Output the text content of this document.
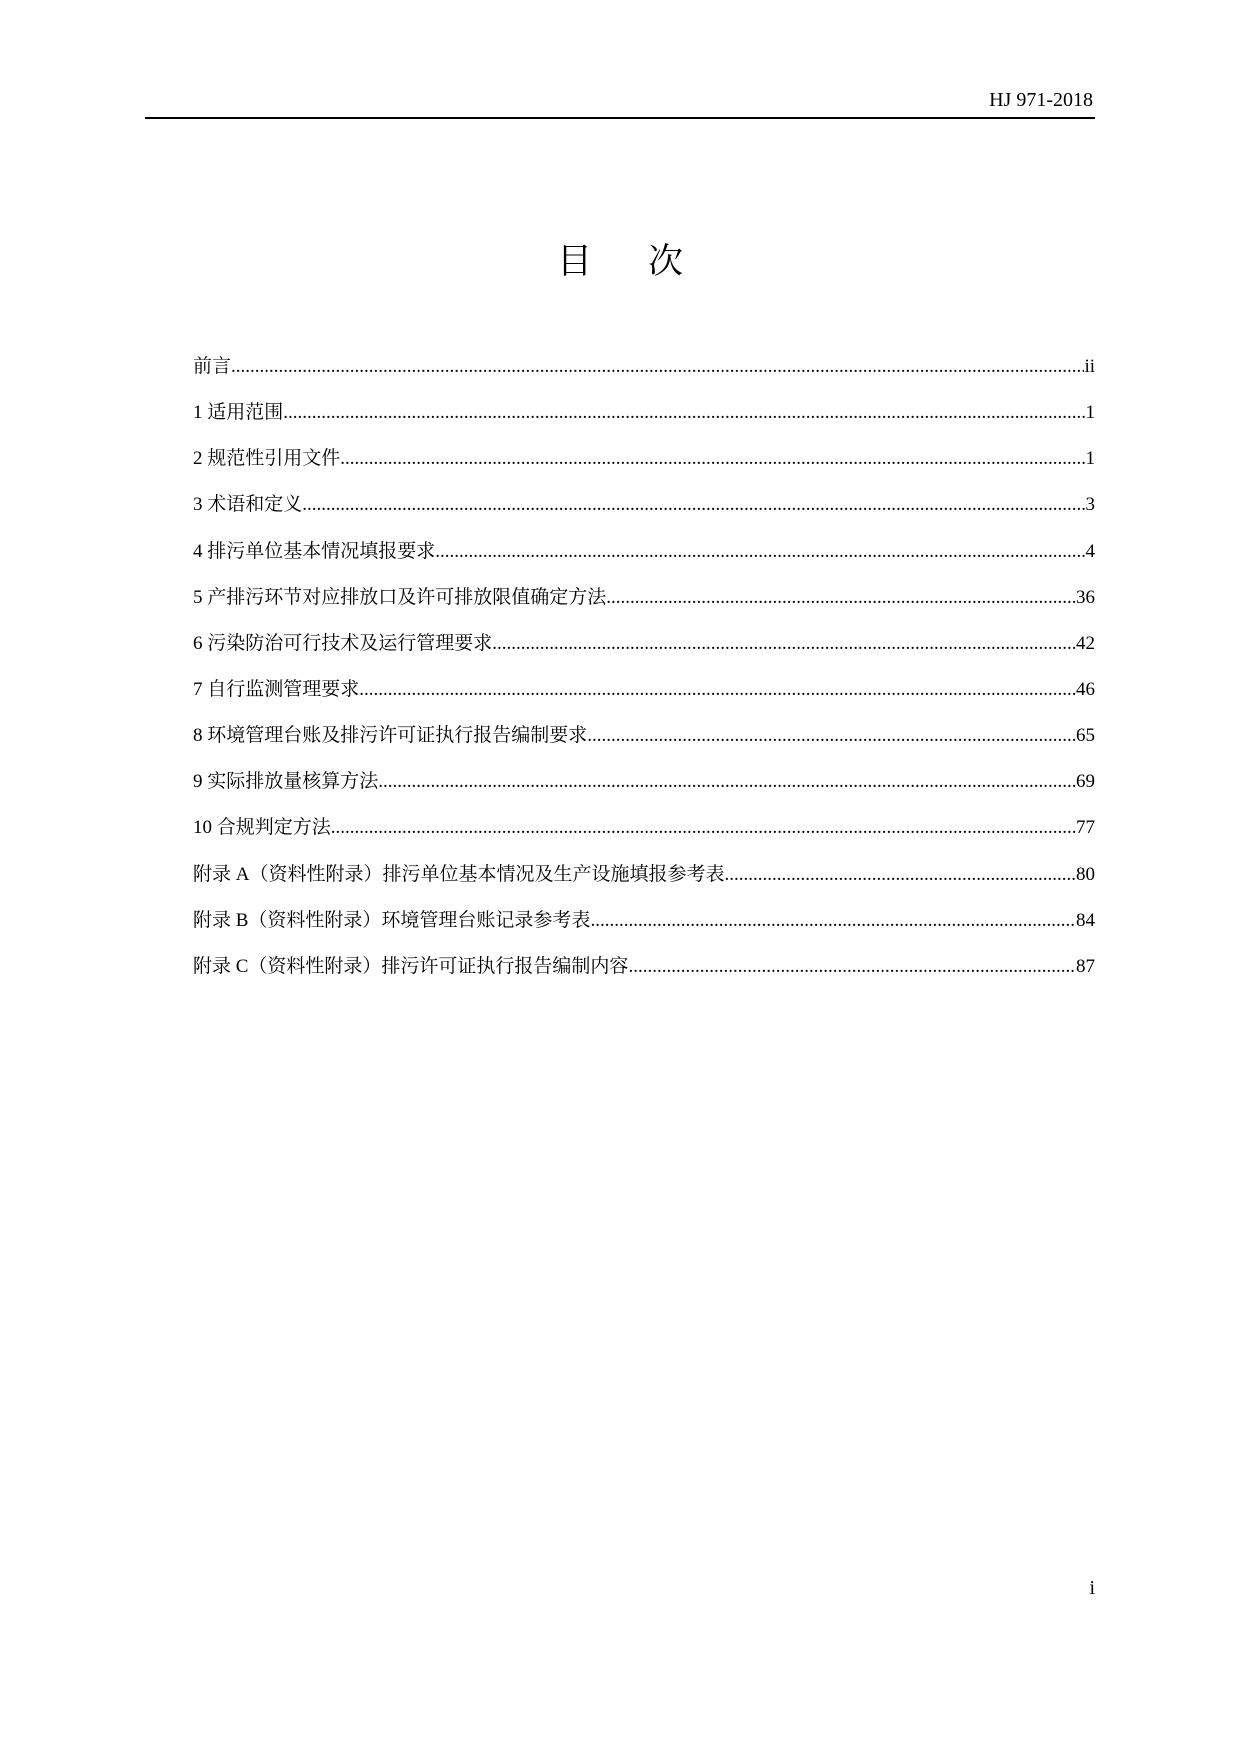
HJ 971-2018
目 次
前言 .....	ii
1 适用范围 .....	1
2 规范性引用文件 .....	1
3 术语和定义 .....	3
4 排污单位基本情况填报要求 .....	4
5 产排污环节对应排放口及许可排放限值确定方法 .....	36
6 污染防治可行技术及运行管理要求 .....	42
7 自行监测管理要求 .....	46
8 环境管理台账及排污许可证执行报告编制要求 .....	65
9 实际排放量核算方法 .....	69
10 合规判定方法 .....	77
附录 A（资料性附录）排污单位基本情况及生产设施填报参考表 .....	80
附录 B（资料性附录）环境管理台账记录参考表 .....	84
附录 C（资料性附录）排污许可证执行报告编制内容 .....	87
i
